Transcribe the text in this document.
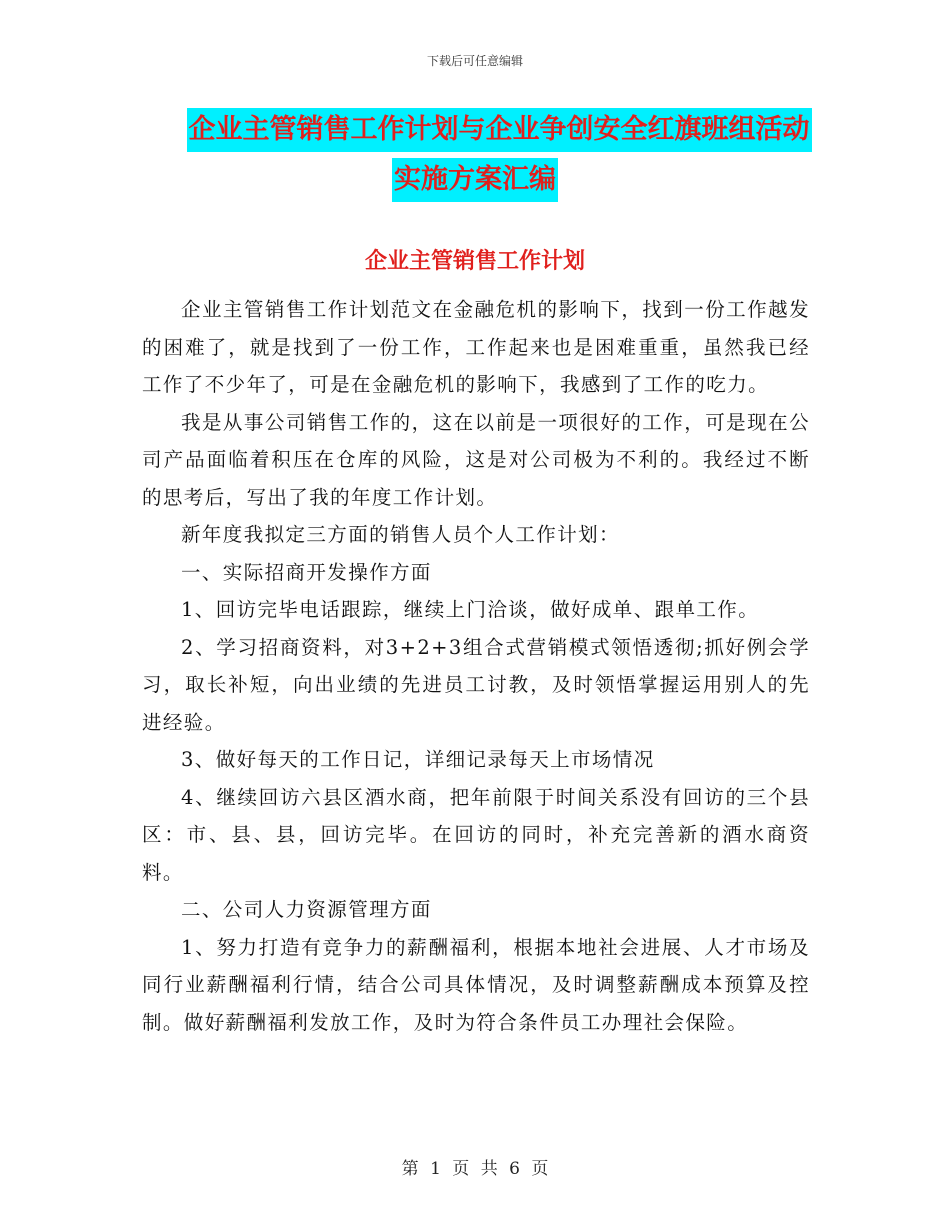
下载后可任意编辑
企业主管销售工作计划与企业争创安全红旗班组活动
实施方案汇编
企业主管销售工作计划

企业主管销售工作计划范文在金融危机的影响下，找到一份工作越发的困难了，就是找到了一份工作，工作起来也是困难重重，虽然我已经工作了不少年了，可是在金融危机的影响下，我感到了工作的吃力。

我是从事公司销售工作的，这在以前是一项很好的工作，可是现在公司产品面临着积压在仓库的风险，这是对公司极为不利的。我经过不断的思考后，写出了我的年度工作计划。

新年度我拟定三方面的销售人员个人工作计划：

一、实际招商开发操作方面

1、回访完毕电话跟踪，继续上门洽谈，做好成单、跟单工作。

2、学习招商资料，对3+2+3组合式营销模式领悟透彻;抓好例会学习，取长补短，向出业绩的先进员工讨教，及时领悟掌握运用别人的先进经验。

3、做好每天的工作日记，详细记录每天上市场情况

4、继续回访六县区酒水商，把年前限于时间关系没有回访的三个县区：市、县、县，回访完毕。在回访的同时，补充完善新的酒水商资料。

二、公司人力资源管理方面

1、努力打造有竞争力的薪酬福利，根据本地社会进展、人才市场及同行业薪酬福利行情，结合公司具体情况，及时调整薪酬成本预算及控制。做好薪酬福利发放工作，及时为符合条件员工办理社会保险。

第 1 页 共 6 页
